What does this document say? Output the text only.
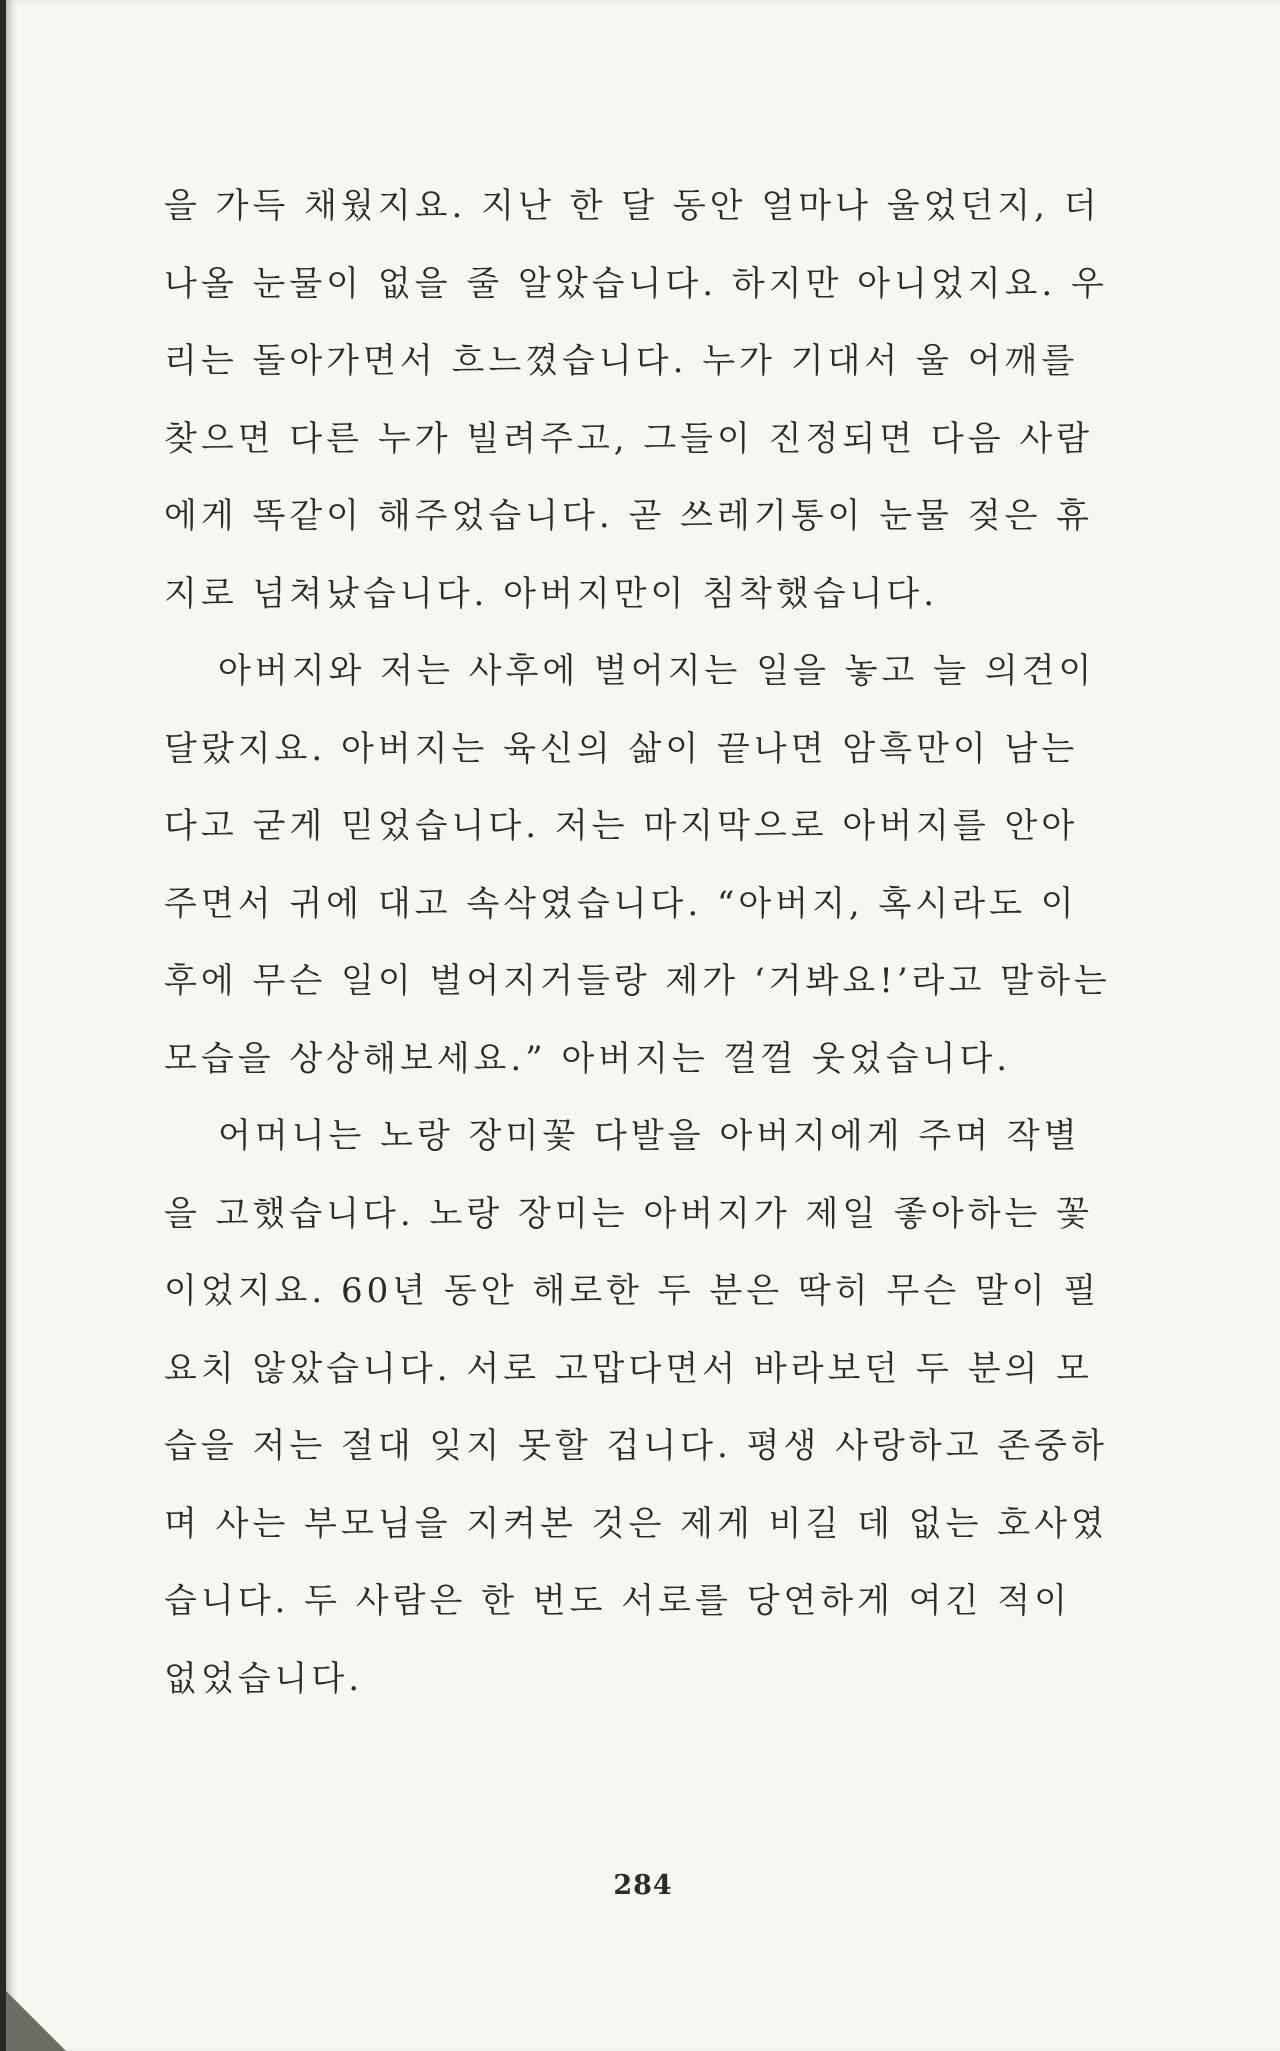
을 가득 채웠지요. 지난 한 달 동안 얼마나 울었던지, 더
나올 눈물이 없을 줄 알았습니다. 하지만 아니었지요. 우
리는 돌아가면서 흐느꼈습니다. 누가 기대서 울 어깨를
찾으면 다른 누가 빌려주고, 그들이 진정되면 다음 사람
에게 똑같이 해주었습니다. 곧 쓰레기통이 눈물 젖은 휴
지로 넘쳐났습니다. 아버지만이 침착했습니다.
아버지와 저는 사후에 벌어지는 일을 놓고 늘 의견이
달랐지요. 아버지는 육신의 삶이 끝나면 암흑만이 남는
다고 굳게 믿었습니다. 저는 마지막으로 아버지를 안아
주면서 귀에 대고 속삭였습니다. “아버지, 혹시라도 이
후에 무슨 일이 벌어지거들랑 제가 ‘거봐요!’라고 말하는
모습을 상상해보세요.” 아버지는 껄껄 웃었습니다.
어머니는 노랑 장미꽃 다발을 아버지에게 주며 작별
을 고했습니다. 노랑 장미는 아버지가 제일 좋아하는 꽃
이었지요. 60년 동안 해로한 두 분은 딱히 무슨 말이 필
요치 않았습니다. 서로 고맙다면서 바라보던 두 분의 모
습을 저는 절대 잊지 못할 겁니다. 평생 사랑하고 존중하
며 사는 부모님을 지켜본 것은 제게 비길 데 없는 호사였
습니다. 두 사람은 한 번도 서로를 당연하게 여긴 적이
없었습니다.
284
